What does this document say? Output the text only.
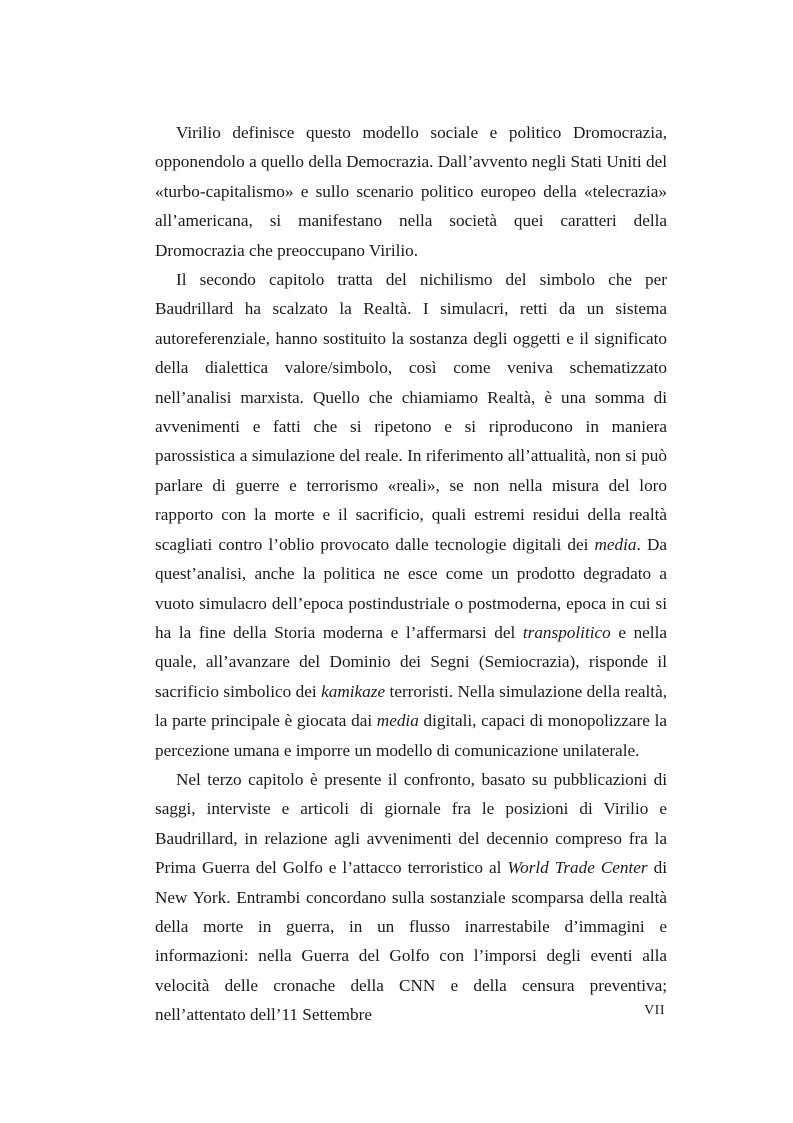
Virilio definisce questo modello sociale e politico Dromocrazia, opponendolo a quello della Democrazia. Dall’avvento negli Stati Uniti del «turbo-capitalismo» e sullo scenario politico europeo della «telecrazia» all’americana, si manifestano nella società quei caratteri della Dromocrazia che preoccupano Virilio.

Il secondo capitolo tratta del nichilismo del simbolo che per Baudrillard ha scalzato la Realtà. I simulacri, retti da un sistema autoreferenziale, hanno sostituito la sostanza degli oggetti e il significato della dialettica valore/simbolo, così come veniva schematizzato nell’analisi marxista. Quello che chiamiamo Realtà, è una somma di avvenimenti e fatti che si ripetono e si riproducono in maniera parossistica a simulazione del reale. In riferimento all’attualità, non si può parlare di guerre e terrorismo «reali», se non nella misura del loro rapporto con la morte e il sacrificio, quali estremi residui della realtà scagliati contro l’oblio provocato dalle tecnologie digitali dei media. Da quest’analisi, anche la politica ne esce come un prodotto degradato a vuoto simulacro dell’epoca postindustriale o postmoderna, epoca in cui si ha la fine della Storia moderna e l’affermarsi del transpolitico e nella quale, all’avanzare del Dominio dei Segni (Semiocrazia), risponde il sacrificio simbolico dei kamikaze terroristi. Nella simulazione della realtà, la parte principale è giocata dai media digitali, capaci di monopolizzare la percezione umana e imporre un modello di comunicazione unilaterale.

Nel terzo capitolo è presente il confronto, basato su pubblicazioni di saggi, interviste e articoli di giornale fra le posizioni di Virilio e Baudrillard, in relazione agli avvenimenti del decennio compreso fra la Prima Guerra del Golfo e l’attacco terroristico al World Trade Center di New York. Entrambi concordano sulla sostanziale scomparsa della realtà della morte in guerra, in un flusso inarrestabile d’immagini e informazioni: nella Guerra del Golfo con l’imporsi degli eventi alla velocità delle cronache della CNN e della censura preventiva; nell’attentato dell’11 Settembre	VII
